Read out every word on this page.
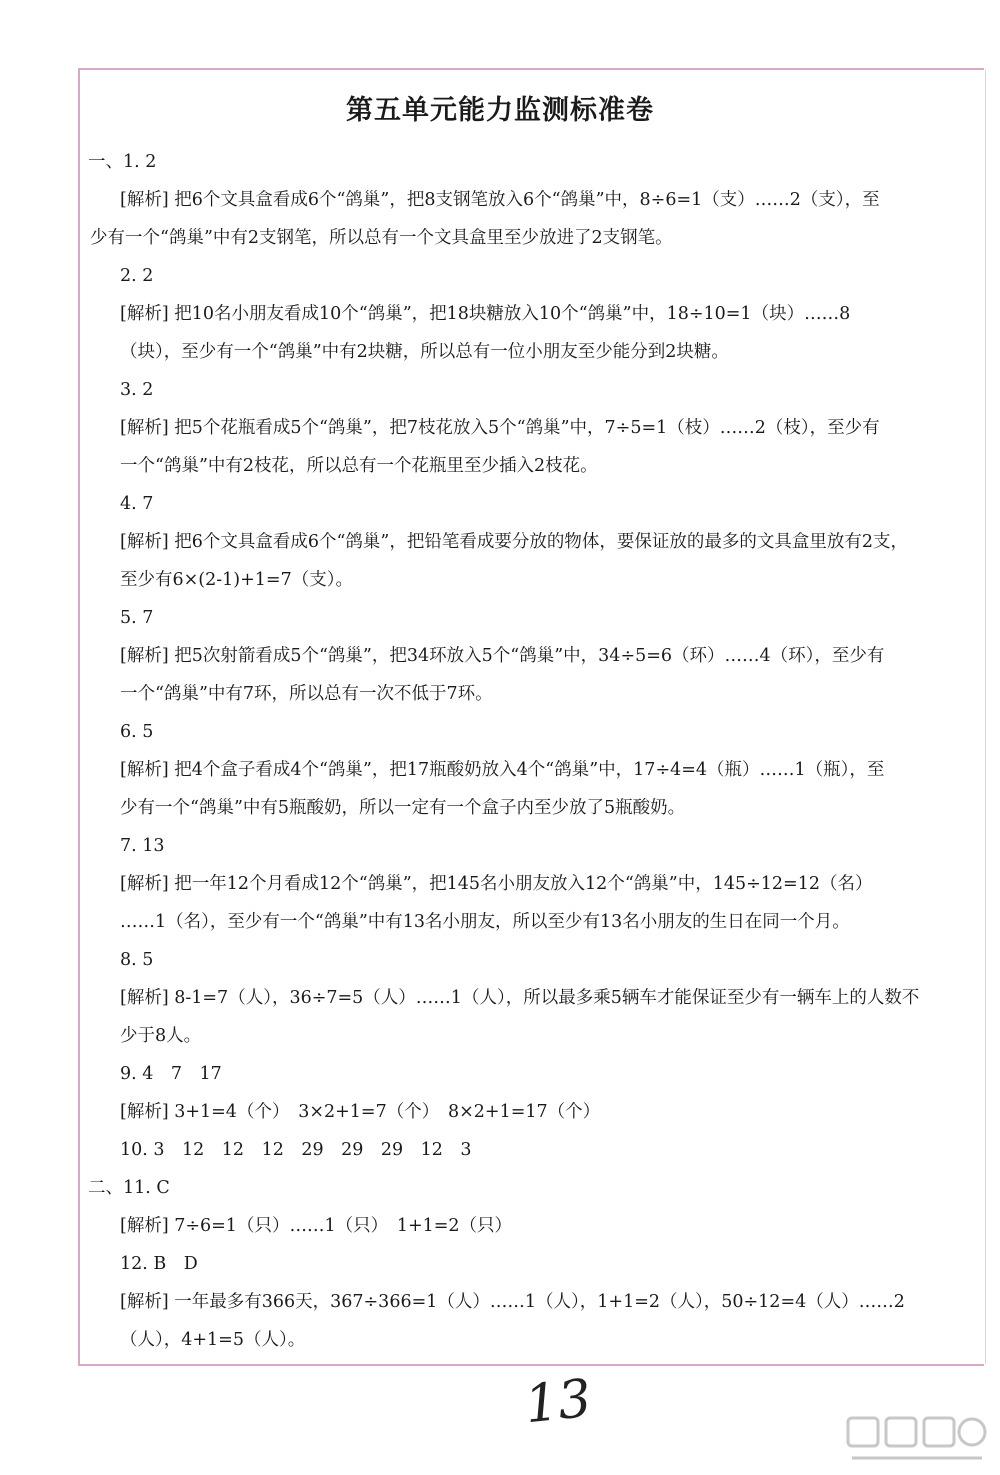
第五单元能力监测标准卷
一、1. 2
[解析] 把6个文具盒看成6个“鸽巢”，把8支钢笔放入6个“鸽巢”中，8÷6=1（支）……2（支），至
少有一个“鸽巢”中有2支钢笔，所以总有一个文具盒里至少放进了2支钢笔。
2. 2
[解析] 把10名小朋友看成10个“鸽巢”，把18块糖放入10个“鸽巢”中，18÷10=1（块）……8
（块），至少有一个“鸽巢”中有2块糖，所以总有一位小朋友至少能分到2块糖。
3. 2
[解析] 把5个花瓶看成5个“鸽巢”，把7枝花放入5个“鸽巢”中，7÷5=1（枝）……2（枝），至少有
一个“鸽巢”中有2枝花，所以总有一个花瓶里至少插入2枝花。
4. 7
[解析] 把6个文具盒看成6个“鸽巢”，把铅笔看成要分放的物体，要保证放的最多的文具盒里放有2支，
至少有6×(2-1)+1=7（支）。
5. 7
[解析] 把5次射箭看成5个“鸽巢”，把34环放入5个“鸽巢”中，34÷5=6（环）……4（环），至少有
一个“鸽巢”中有7环，所以总有一次不低于7环。
6. 5
[解析] 把4个盒子看成4个“鸽巢”，把17瓶酸奶放入4个“鸽巢”中，17÷4=4（瓶）……1（瓶），至
少有一个“鸽巢”中有5瓶酸奶，所以一定有一个盒子内至少放了5瓶酸奶。
7. 13
[解析] 把一年12个月看成12个“鸽巢”，把145名小朋友放入12个“鸽巢”中，145÷12=12（名）
……1（名），至少有一个“鸽巢”中有13名小朋友，所以至少有13名小朋友的生日在同一个月。
8. 5
[解析] 8-1=7（人），36÷7=5（人）……1（人），所以最多乘5辆车才能保证至少有一辆车上的人数不
少于8人。
9. 4　7　17
[解析] 3+1=4（个）　3×2+1=7（个）　8×2+1=17（个）
10. 3　12　12　12　29　29　29　12　3
二、11. C
[解析] 7÷6=1（只）……1（只）　1+1=2（只）
12. B　D
[解析] 一年最多有366天，367÷366=1（人）……1（人），1+1=2（人），50÷12=4（人）……2
（人），4+1=5（人）。
13
